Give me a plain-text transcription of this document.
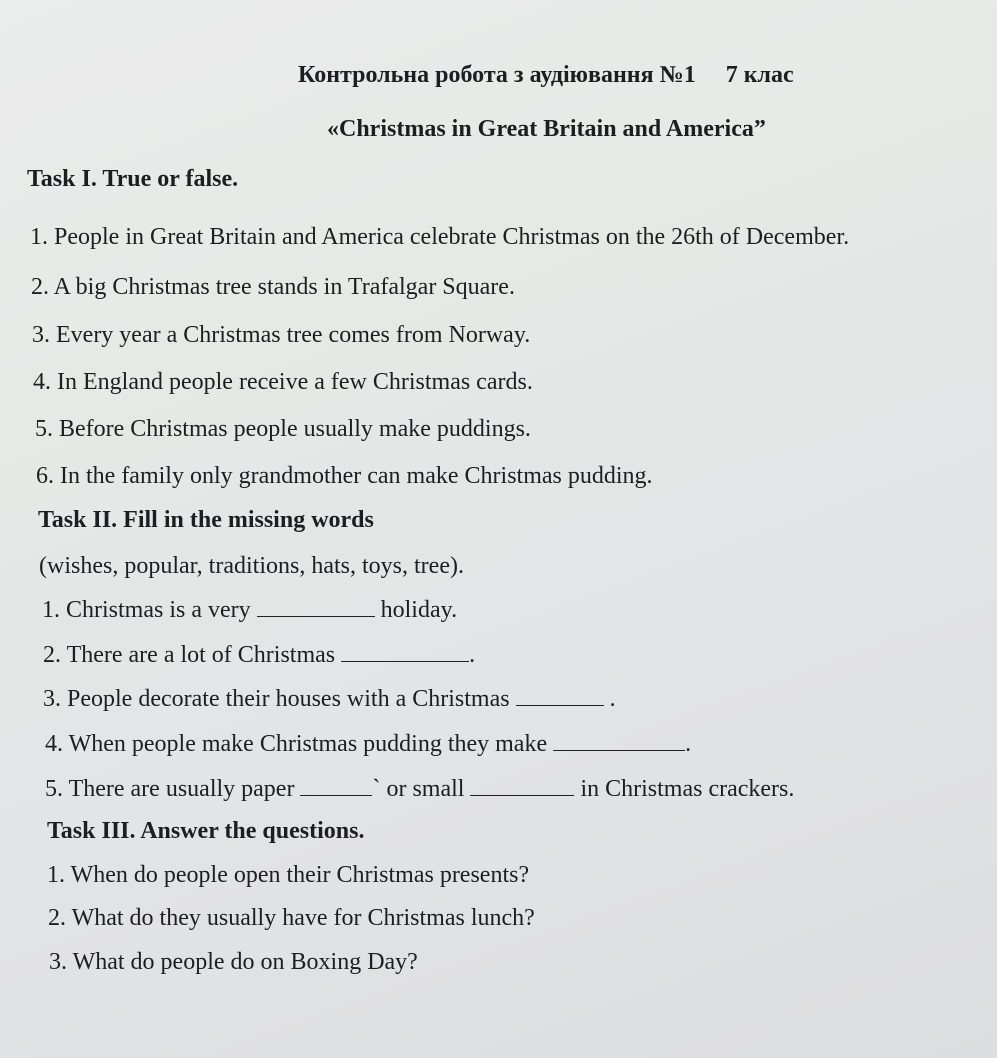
Контрольна робота з аудіювання №1 7 клас
«Christmas in Great Britain and America”
Task I. True or false.
1. People in Great Britain and America celebrate Christmas on the 26th of December.
2. A big Christmas tree stands in Trafalgar Square.
3. Every year a Christmas tree comes from Norway.
4. In England people receive a few Christmas cards.
5. Before Christmas people usually make puddings.
6. In the family only grandmother can make Christmas pudding.
Task II. Fill in the missing words
(wishes, popular, traditions, hats, toys, tree).
1. Christmas is a very	holiday.
2. There are a lot of Christmas	.
3. People decorate their houses with a Christmas	.
4. When people make Christmas pudding they make	.
5. There are usually paper	` or small	in Christmas crackers.
Task III. Answer the questions.
1. When do people open their Christmas presents?
2. What do they usually have for Christmas lunch?
3. What do people do on Boxing Day?
